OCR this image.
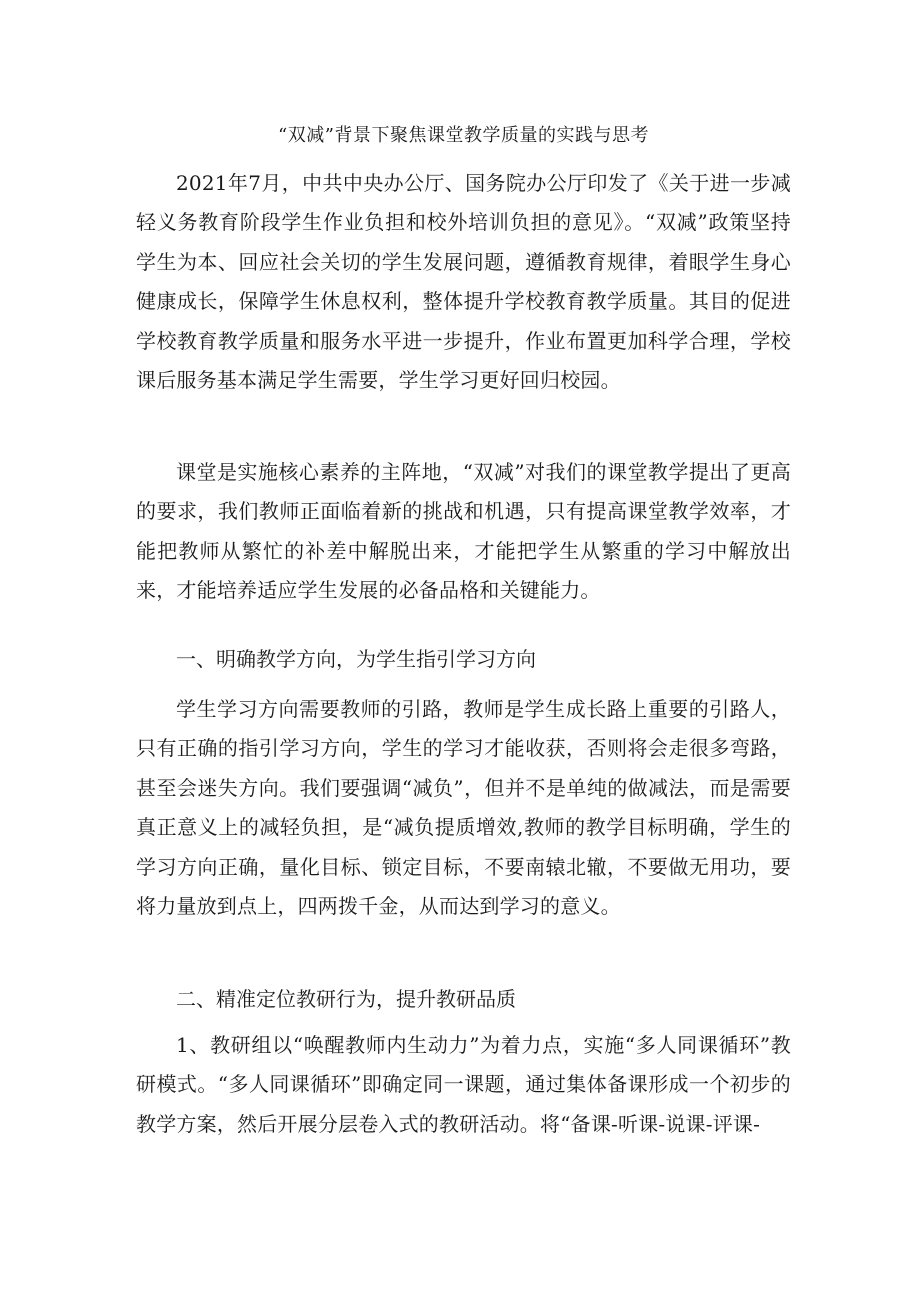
“双减”背景下聚焦课堂教学质量的实践与思考

2021年7月，中共中央办公厅、国务院办公厅印发了《关于进一步减轻义务教育阶段学生作业负担和校外培训负担的意见》。“双减”政策坚持学生为本、回应社会关切的学生发展问题，遵循教育规律，着眼学生身心健康成长，保障学生休息权利，整体提升学校教育教学质量。其目的促进学校教育教学质量和服务水平进一步提升，作业布置更加科学合理，学校课后服务基本满足学生需要，学生学习更好回归校园。

课堂是实施核心素养的主阵地，“双减”对我们的课堂教学提出了更高的要求，我们教师正面临着新的挑战和机遇，只有提高课堂教学效率，才能把教师从繁忙的补差中解脱出来，才能把学生从繁重的学习中解放出来，才能培养适应学生发展的必备品格和关键能力。

一、明确教学方向，为学生指引学习方向

学生学习方向需要教师的引路，教师是学生成长路上重要的引路人，只有正确的指引学习方向，学生的学习才能收获，否则将会走很多弯路，甚至会迷失方向。我们要强调“减负”，但并不是单纯的做减法，而是需要真正意义上的减轻负担，是“减负提质增效,教师的教学目标明确，学生的学习方向正确，量化目标、锁定目标，不要南辕北辙，不要做无用功，要将力量放到点上，四两拨千金，从而达到学习的意义。

二、精准定位教研行为，提升教研品质

1、教研组以“唤醒教师内生动力”为着力点，实施“多人同课循环”教研模式。“多人同课循环”即确定同一课题，通过集体备课形成一个初步的教学方案，然后开展分层卷入式的教研活动。将“备课-听课-说课-评课-
